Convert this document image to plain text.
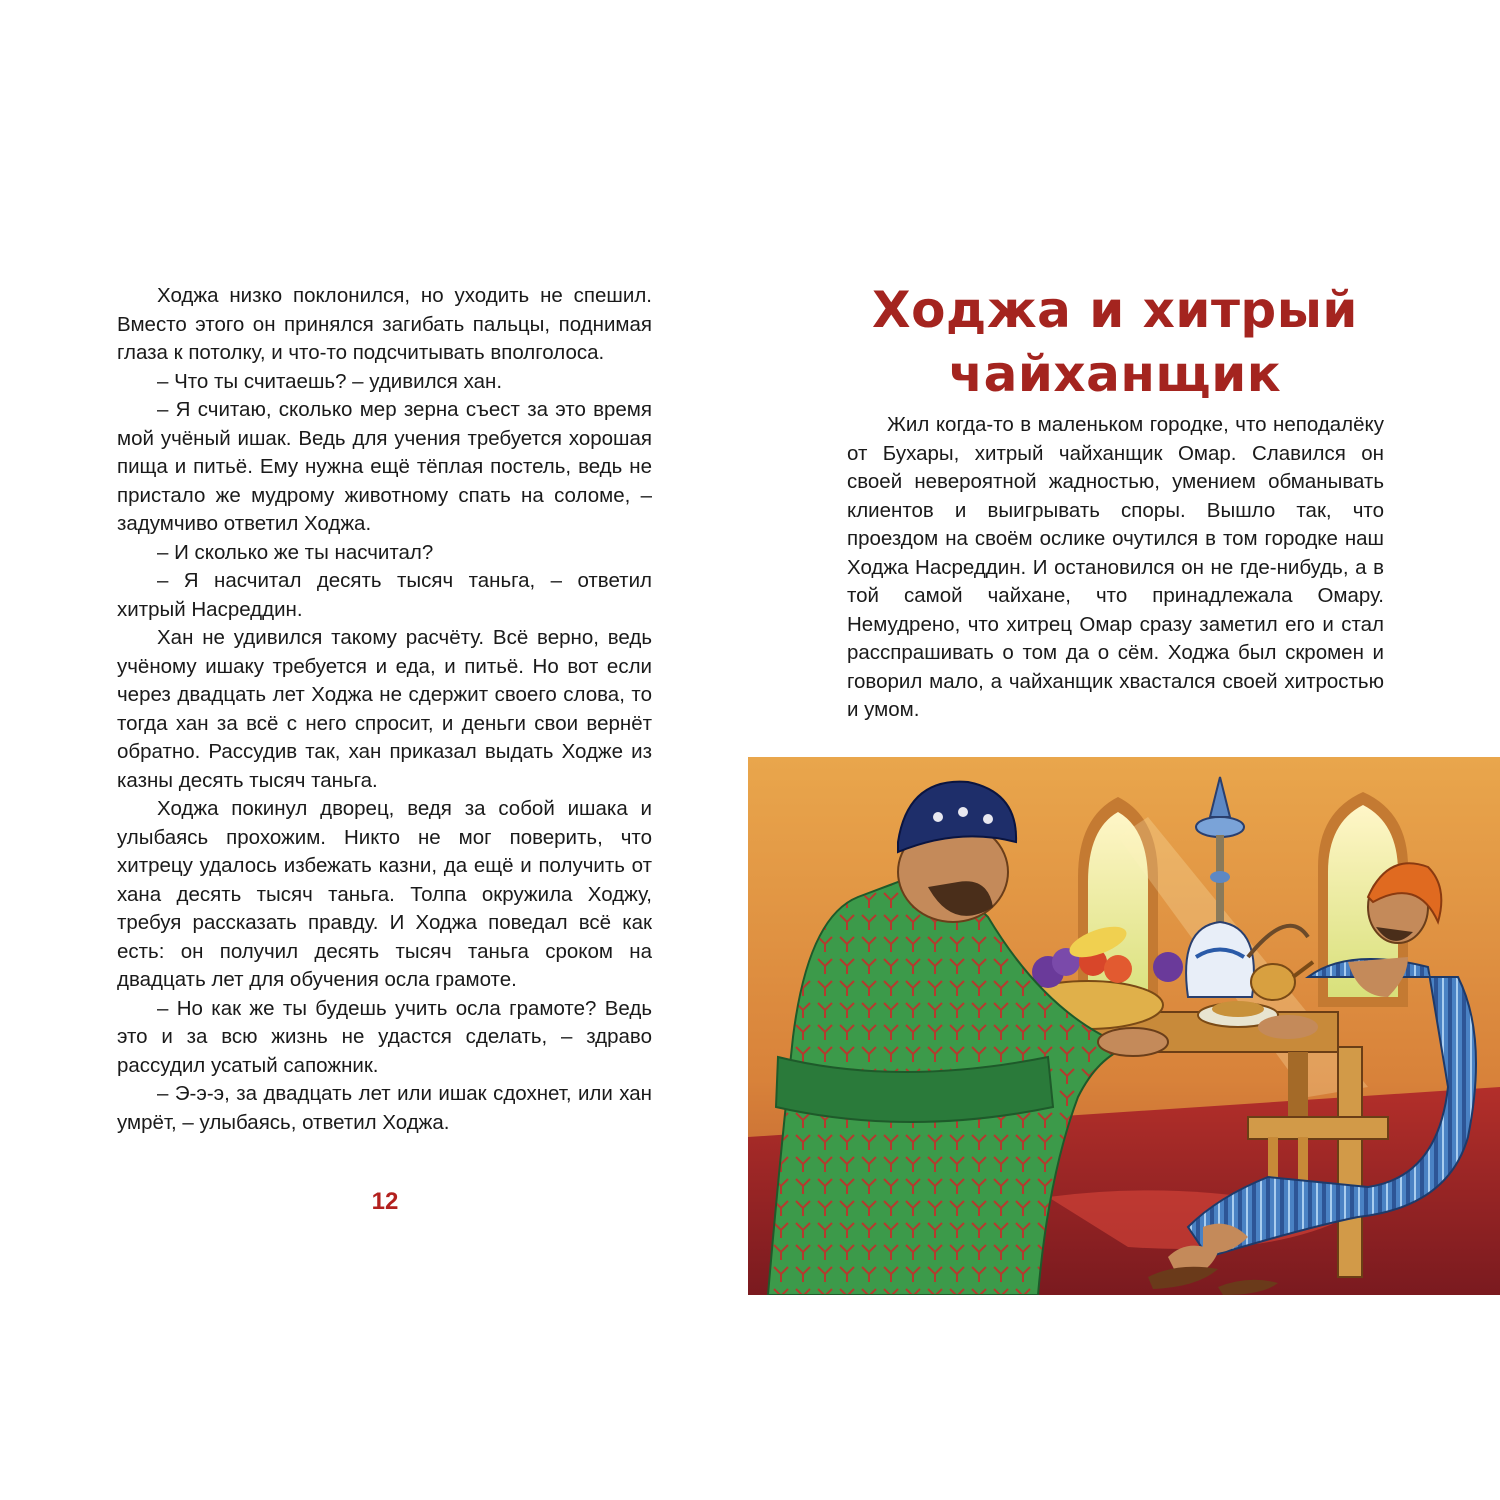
Ходжа низко поклонился, но уходить не спешил. Вместо этого он принялся загибать пальцы, поднимая глаза к потолку, и что-то подсчитывать вполголоса.

– Что ты считаешь? – удивился хан.

– Я считаю, сколько мер зерна съест за это время мой учёный ишак. Ведь для учения требуется хорошая пища и питьё. Ему нужна ещё тёплая постель, ведь не пристало же мудрому животному спать на соломе, – задумчиво ответил Ходжа.

– И сколько же ты насчитал?

– Я насчитал десять тысяч таньга, – ответил хитрый Насреддин.

Хан не удивился такому расчёту. Всё верно, ведь учёному ишаку требуется и еда, и питьё. Но вот если через двадцать лет Ходжа не сдержит своего слова, то тогда хан за всё с него спросит, и деньги свои вернёт обратно. Рассудив так, хан приказал выдать Ходже из казны десять тысяч таньга.

Ходжа покинул дворец, ведя за собой ишака и улыбаясь прохожим. Никто не мог поверить, что хитрецу удалось избежать казни, да ещё и получить от хана десять тысяч таньга. Толпа окружила Ходжу, требуя рассказать правду. И Ходжа поведал всё как есть: он получил десять тысяч таньга сроком на двадцать лет для обучения осла грамоте.

– Но как же ты будешь учить осла грамоте? Ведь это и за всю жизнь не удастся сделать, – здраво рассудил усатый сапожник.

– Э-э-э, за двадцать лет или ишак сдохнет, или хан умрёт, – улыбаясь, ответил Ходжа.

12
Ходжа и хитрый
чайханщик

Жил когда-то в маленьком городке, что неподалёку от Бухары, хитрый чайханщик Омар. Славился он своей невероятной жадностью, умением обманывать клиентов и выигрывать споры. Вышло так, что проездом на своём ослике очутился в том городке наш Ходжа Насреддин. И остановился он не где-нибудь, а в той самой чайхане, что принадлежала Омару. Немудрено, что хитрец Омар сразу заметил его и стал расспрашивать о том да о сём. Ходжа был скромен и говорил мало, а чайханщик хвастался своей хитростью и умом.
